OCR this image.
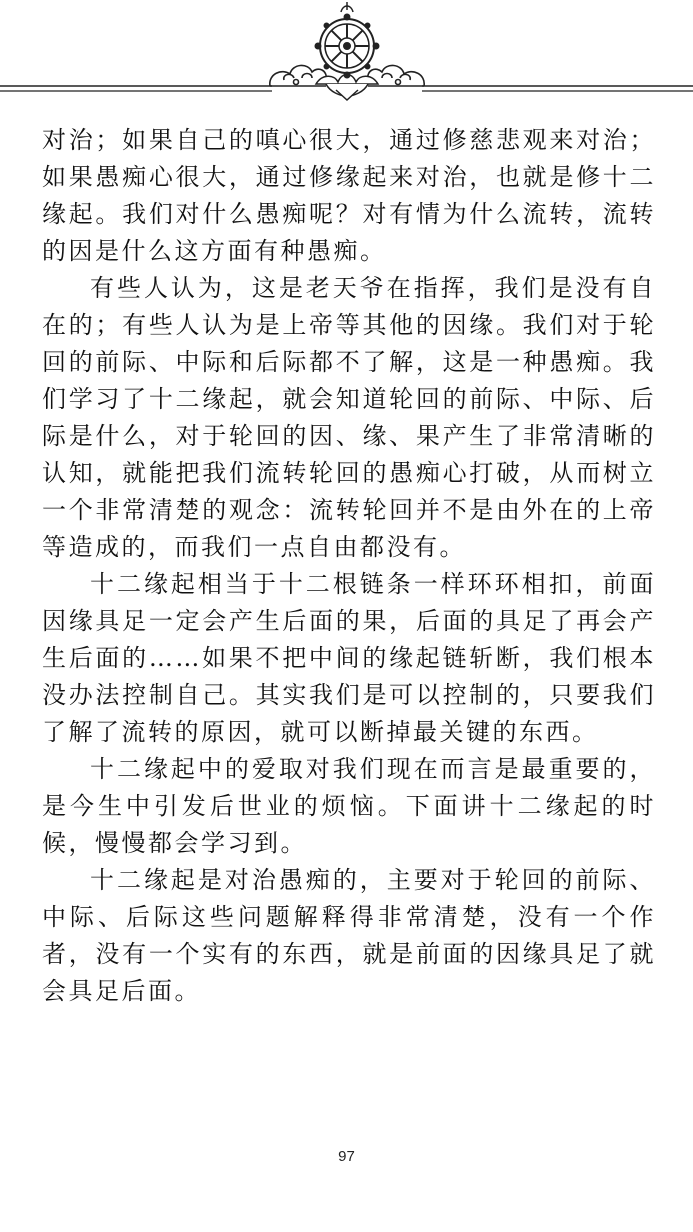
对治；如果自己的嗔心很大，通过修慈悲观来对治；如果愚痴心很大，通过修缘起来对治，也就是修十二缘起。我们对什么愚痴呢？对有情为什么流转，流转的因是什么这方面有种愚痴。

有些人认为，这是老天爷在指挥，我们是没有自在的；有些人认为是上帝等其他的因缘。我们对于轮回的前际、中际和后际都不了解，这是一种愚痴。我们学习了十二缘起，就会知道轮回的前际、中际、后际是什么，对于轮回的因、缘、果产生了非常清晰的认知，就能把我们流转轮回的愚痴心打破，从而树立一个非常清楚的观念：流转轮回并不是由外在的上帝等造成的，而我们一点自由都没有。

十二缘起相当于十二根链条一样环环相扣，前面因缘具足一定会产生后面的果，后面的具足了再会产生后面的……如果不把中间的缘起链斩断，我们根本没办法控制自己。其实我们是可以控制的，只要我们了解了流转的原因，就可以断掉最关键的东西。

十二缘起中的爱取对我们现在而言是最重要的，是今生中引发后世业的烦恼。下面讲十二缘起的时候，慢慢都会学习到。

十二缘起是对治愚痴的，主要对于轮回的前际、中际、后际这些问题解释得非常清楚，没有一个作者，没有一个实有的东西，就是前面的因缘具足了就会具足后面。

97
